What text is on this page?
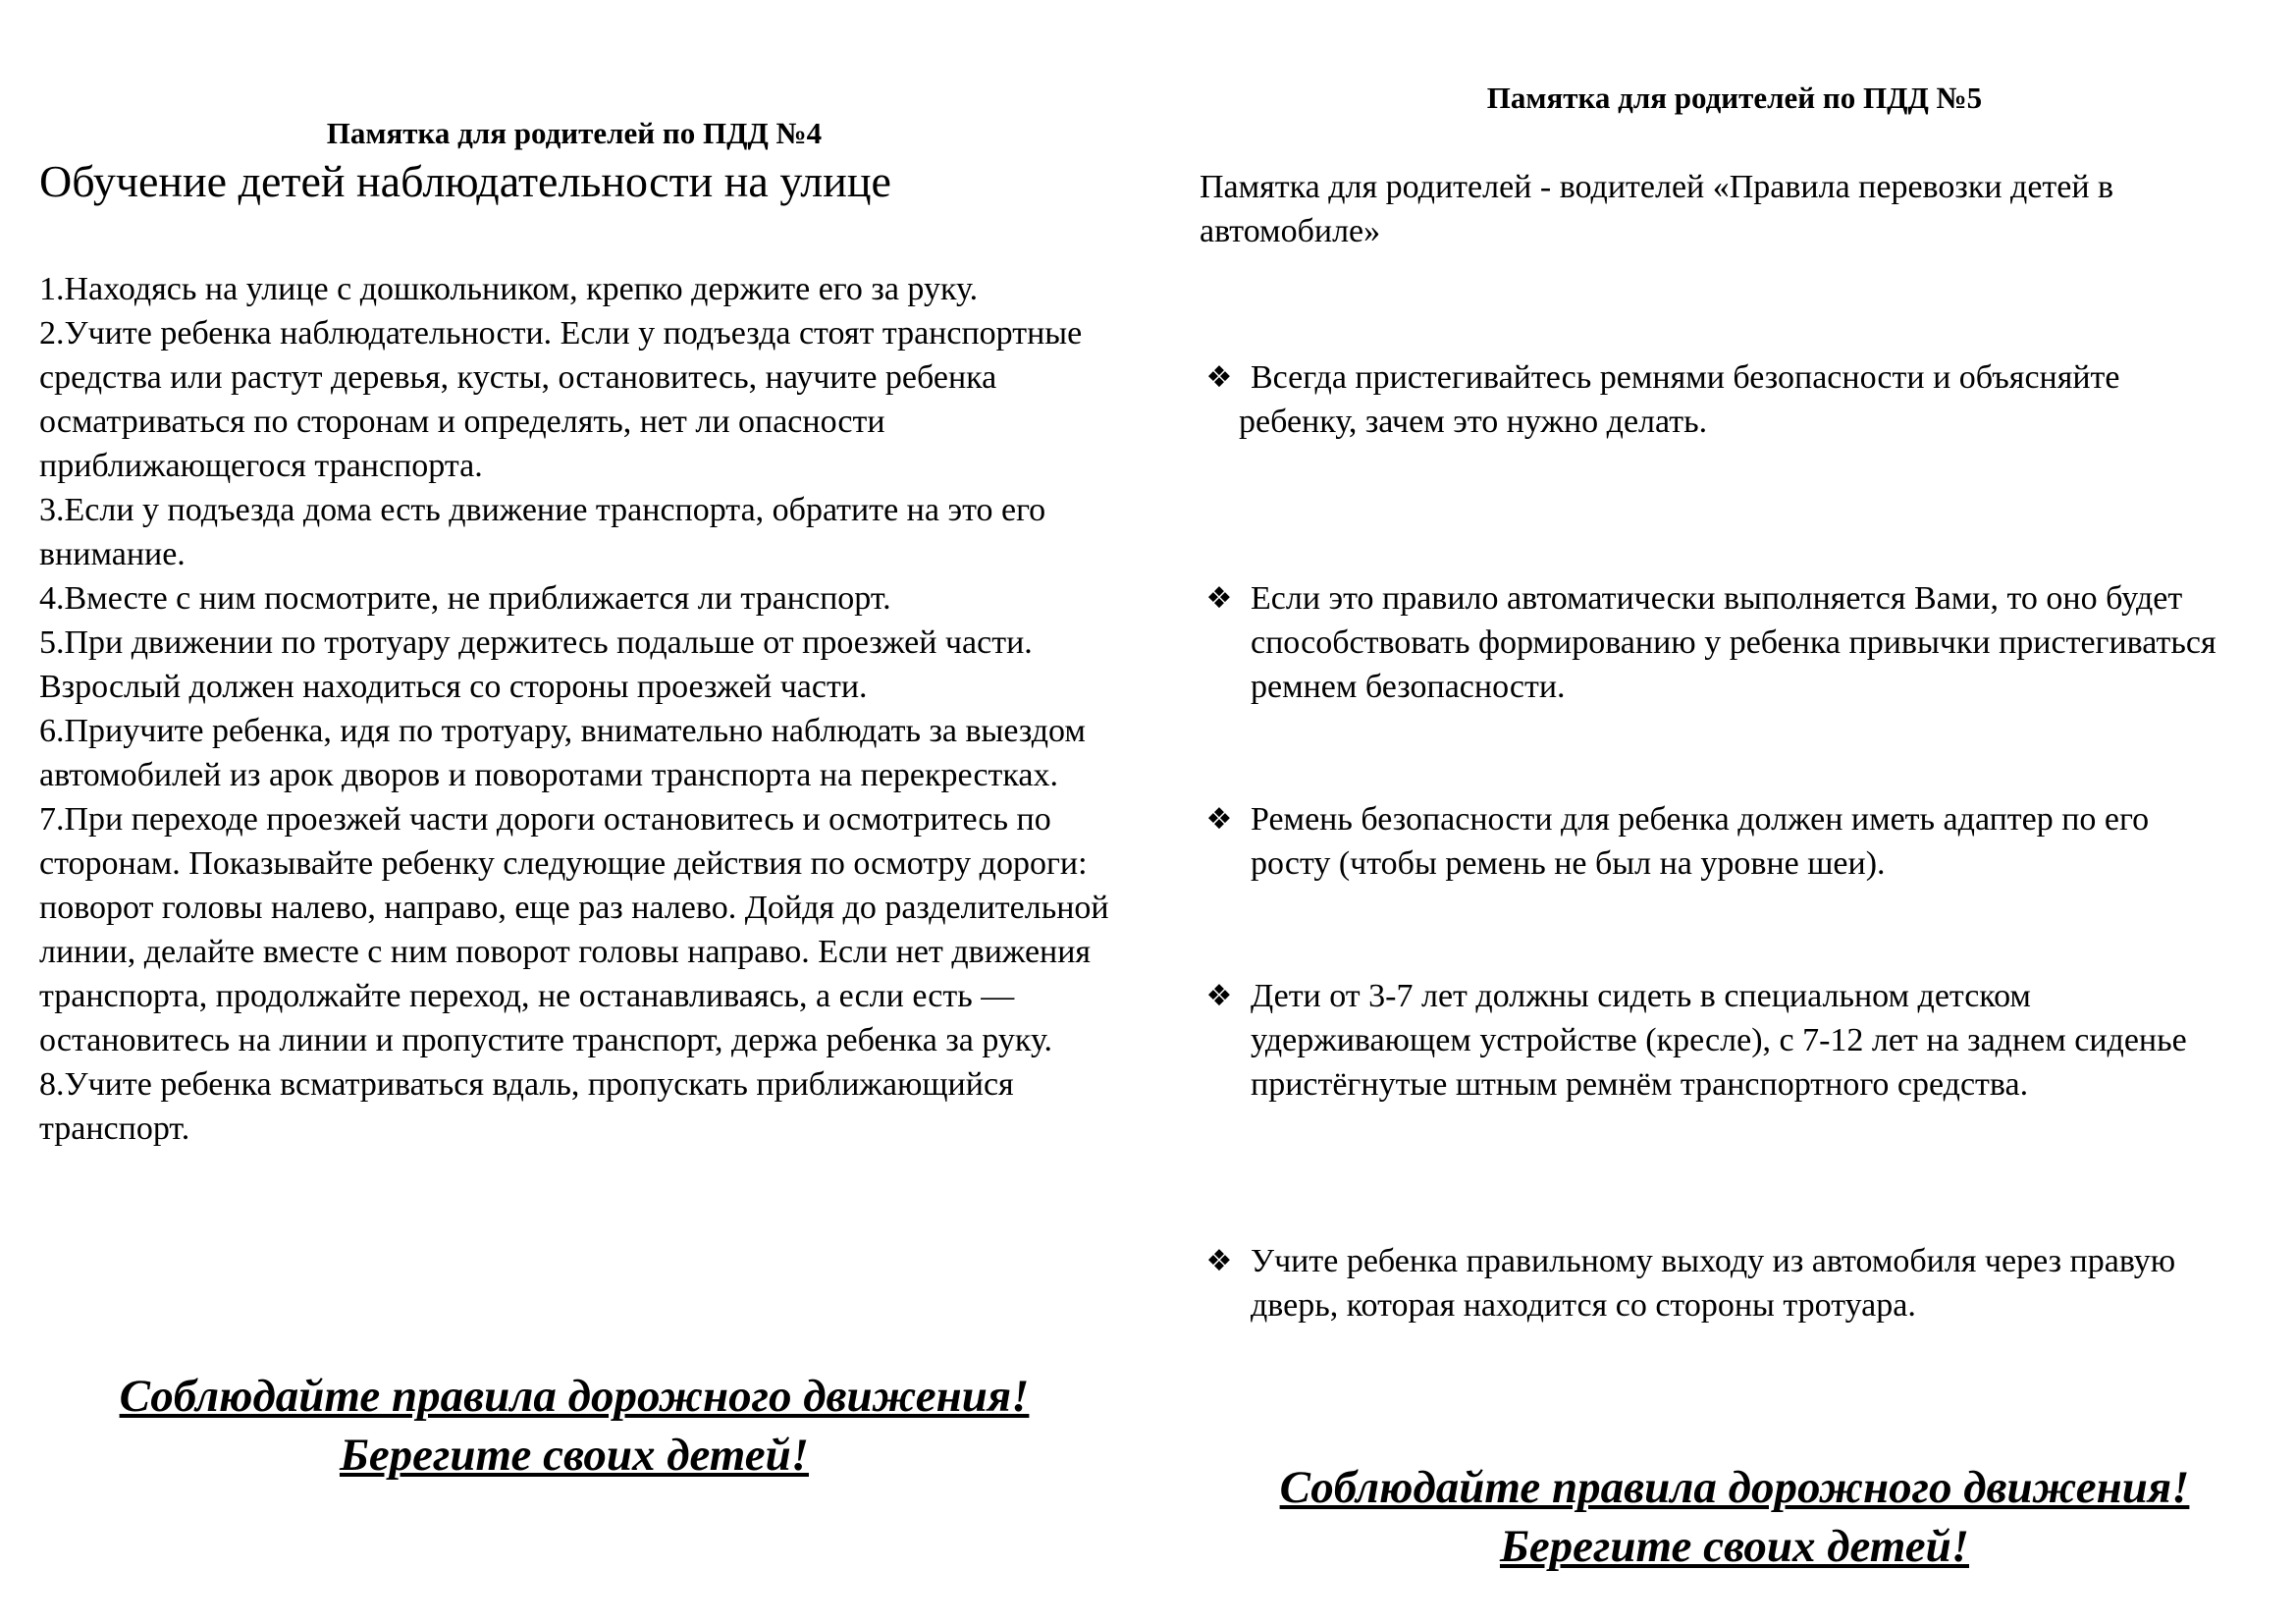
Памятка для родителей по ПДД №4
Обучение детей наблюдательности на улице

1.Находясь на улице с дошкольником, крепко держите его за руку.

2.Учите ребенка наблюдательности. Если у подъезда стоят транспортные средства или растут деревья, кусты, остановитесь, научите ребенка осматриваться по сторонам и определять, нет ли опасности приближающегося транспорта.

3.Если у подъезда дома есть движение транспорта, обратите на это его внимание.

4.Вместе с ним посмотрите, не приближается ли транспорт.

5.При движении по тротуару держитесь подальше от проезжей части. Взрослый должен находиться со стороны проезжей части.

6.Приучите ребенка, идя по тротуару, внимательно наблюдать за выездом автомобилей из арок дворов и поворотами транспорта на перекрестках.

7.При переходе проезжей части дороги остановитесь и осмотритесь по сторонам. Показывайте ребенку следующие действия по осмотру дороги: поворот головы налево, направо, еще раз налево. Дойдя до разделительной линии, делайте вместе с ним поворот головы направо. Если нет движения транспорта, продолжайте переход, не останавливаясь, а если есть — остановитесь на линии и пропустите транспорт, держа ребенка за руку.

8.Учите ребенка всматриваться вдаль, пропускать приближающийся транспорт.

Соблюдайте правила дорожного движения!
Берегите своих детей!
Памятка для родителей по ПДД №5
Памятка для родителей - водителей «Правила перевозки детей в автомобиле»
❖ Всегда пристегивайтесь ремнями безопасности и объясняйте
ребенку, зачем это нужно делать.
❖ Если это правило автоматически выполняется Вами, то оно будет способствовать формированию у ребенка привычки пристегиваться ремнем безопасности.
❖ Ремень безопасности для ребенка должен иметь адаптер по его росту (чтобы ремень не был на уровне шеи).
❖ Дети от 3-7 лет должны сидеть в специальном детском удерживающем устройстве (кресле), с 7-12 лет на заднем сиденье пристёгнутые штным ремнём транспортного средства.
❖ Учите ребенка правильному выходу из автомобиля через правую дверь, которая находится со стороны тротуара.
Соблюдайте правила дорожного движения!
Берегите своих детей!
